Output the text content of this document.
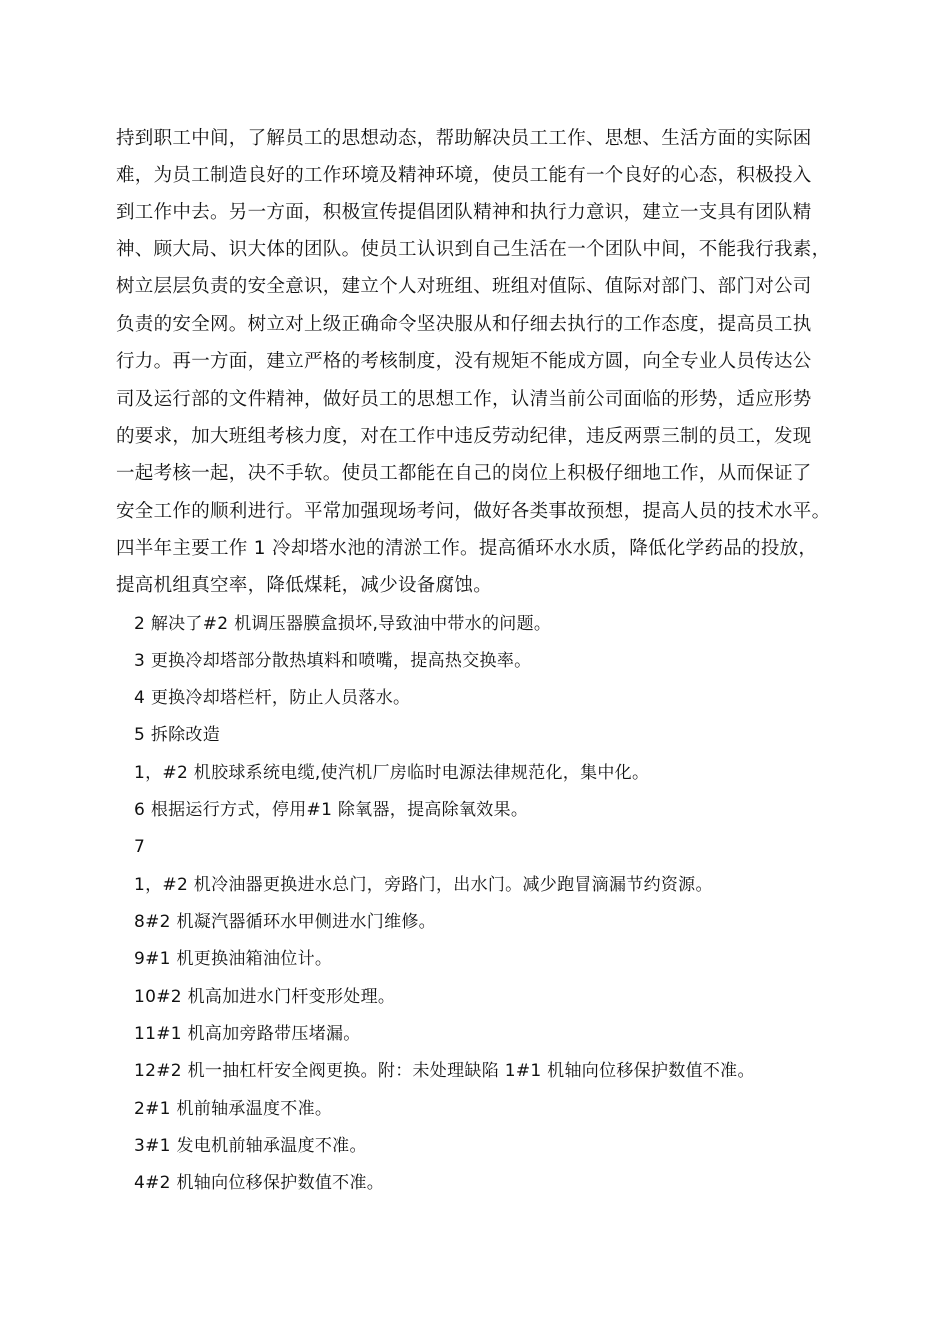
持到职工中间，了解员工的思想动态，帮助解决员工工作、思想、生活方面的实际困
难，为员工制造良好的工作环境及精神环境，使员工能有一个良好的心态，积极投入
到工作中去。另一方面，积极宣传提倡团队精神和执行力意识，建立一支具有团队精
神、顾大局、识大体的团队。使员工认识到自己生活在一个团队中间，不能我行我素，
树立层层负责的安全意识，建立个人对班组、班组对值际、值际对部门、部门对公司
负责的安全网。树立对上级正确命令坚决服从和仔细去执行的工作态度，提高员工执
行力。再一方面，建立严格的考核制度，没有规矩不能成方圆，向全专业人员传达公
司及运行部的文件精神，做好员工的思想工作，认清当前公司面临的形势，适应形势
的要求，加大班组考核力度，对在工作中违反劳动纪律，违反两票三制的员工，发现
一起考核一起，决不手软。使员工都能在自己的岗位上积极仔细地工作，从而保证了
安全工作的顺利进行。平常加强现场考问，做好各类事故预想，提高人员的技术水平。
四半年主要工作 1 冷却塔水池的清淤工作。提高循环水水质，降低化学药品的投放，
提高机组真空率，降低煤耗，减少设备腐蚀。
2 解决了#2 机调压器膜盒损坏,导致油中带水的问题。
3 更换冷却塔部分散热填料和喷嘴，提高热交换率。
4 更换冷却塔栏杆，防止人员落水。
5 拆除改造
1，#2 机胶球系统电缆,使汽机厂房临时电源法律规范化，集中化。
6 根据运行方式，停用#1 除氧器，提高除氧效果。
7
1，#2 机冷油器更换进水总门，旁路门，出水门。减少跑冒滴漏节约资源。
8#2 机凝汽器循环水甲侧进水门维修。
9#1 机更换油箱油位计。
10#2 机高加进水门杆变形处理。
11#1 机高加旁路带压堵漏。
12#2 机一抽杠杆安全阀更换。附：未处理缺陷 1#1 机轴向位移保护数值不准。
2#1 机前轴承温度不准。
3#1 发电机前轴承温度不准。
4#2 机轴向位移保护数值不准。
